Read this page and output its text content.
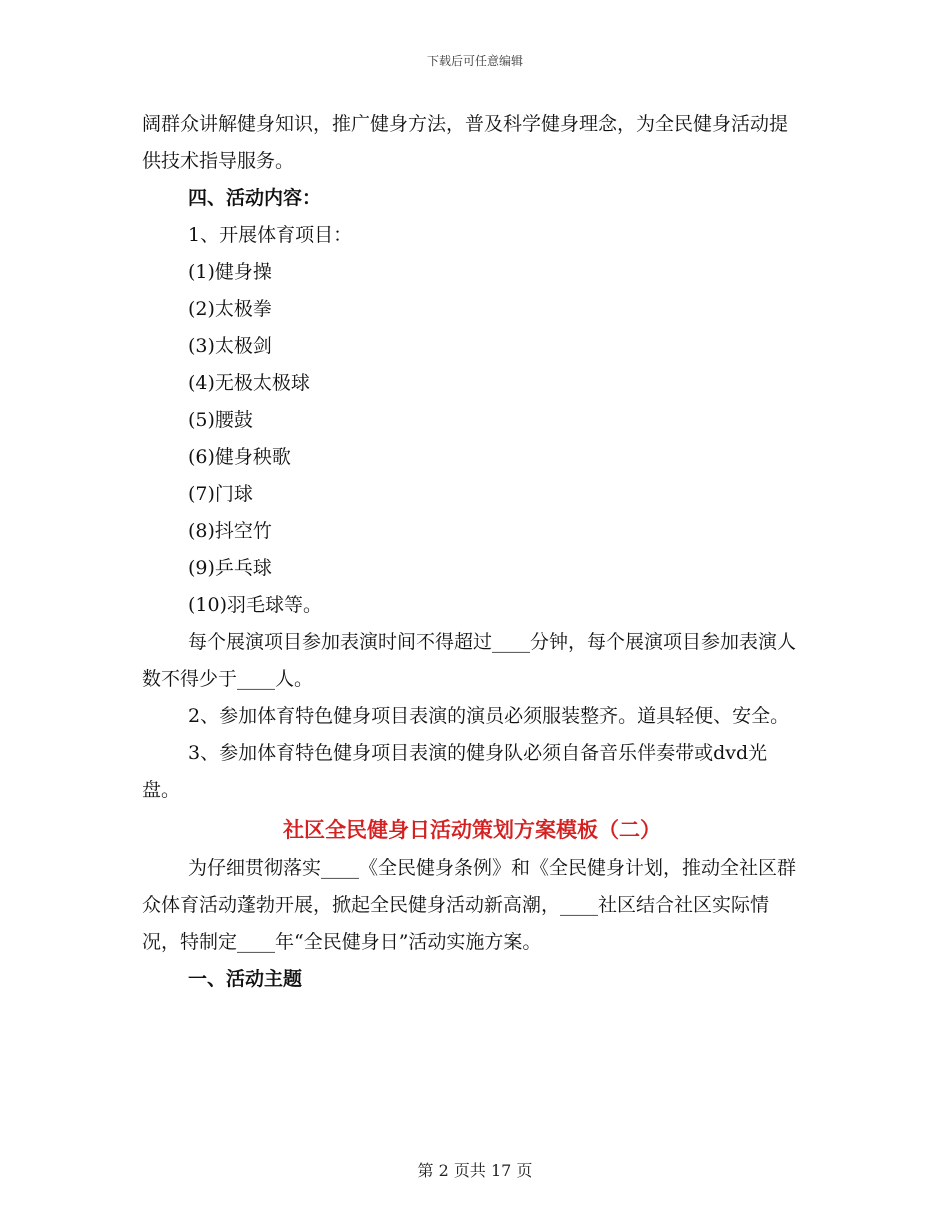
下载后可任意编辑

阔群众讲解健身知识，推广健身方法，普及科学健身理念，为全民健身活动提供技术指导服务。

四、活动内容：

1、开展体育项目：

(1)健身操

(2)太极拳

(3)太极剑

(4)无极太极球

(5)腰鼓

(6)健身秧歌

(7)门球

(8)抖空竹

(9)乒乓球

(10)羽毛球等。

每个展演项目参加表演时间不得超过____分钟，每个展演项目参加表演人数不得少于____人。

2、参加体育特色健身项目表演的演员必须服装整齐。道具轻便、安全。

3、参加体育特色健身项目表演的健身队必须自备音乐伴奏带或dvd光盘。

社区全民健身日活动策划方案模板（二）

为仔细贯彻落实____《全民健身条例》和《全民健身计划，推动全社区群众体育活动蓬勃开展，掀起全民健身活动新高潮，____社区结合社区实际情况，特制定____年“全民健身日”活动实施方案。

一、活动主题

第 2 页共 17 页
